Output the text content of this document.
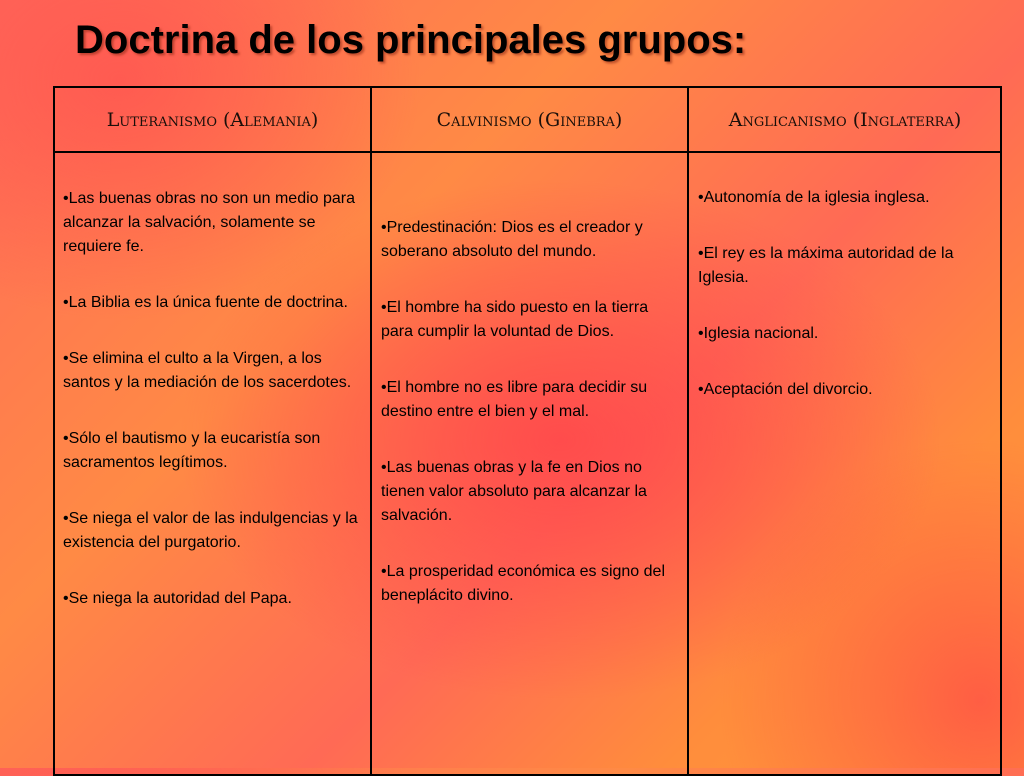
Doctrina de los principales grupos:
Luteranismo (Alemania)	Calvinismo (Ginebra)	Anglicanismo (Inglaterra)

•Las buenas obras no son un medio para alcanzar la salvación, solamente se requiere fe.

•La Biblia es la única fuente de doctrina.

•Se elimina el culto a la Virgen, a los santos y la mediación de los sacerdotes.

•Sólo el bautismo y la eucaristía son sacramentos legítimos.

•Se niega el valor de las indulgencias y la existencia del purgatorio.

•Se niega la autoridad del Papa.

•Predestinación: Dios es el creador y soberano absoluto del mundo.

•El hombre ha sido puesto en la tierra para cumplir la voluntad de Dios.

•El hombre no es libre para decidir su destino entre el bien y el mal.

•Las buenas obras y la fe en Dios no tienen valor absoluto para alcanzar la salvación.

•La prosperidad económica es signo del beneplácito divino.

•Autonomía de la iglesia inglesa.

•El rey es la máxima autoridad de la Iglesia.

•Iglesia nacional.

•Aceptación del divorcio.
